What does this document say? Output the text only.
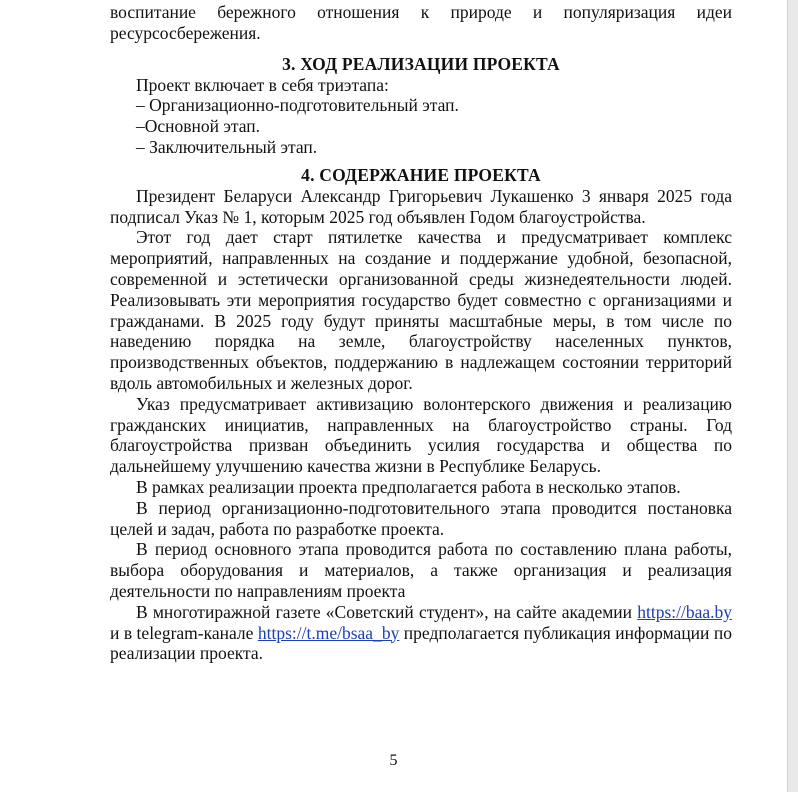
воспитание бережного отношения к природе и популяризация идеи ресурсосбережения.

3. ХОД РЕАЛИЗАЦИИ ПРОЕКТА

Проект включает в себя триэтапа:

– Организационно-подготовительный этап.

–Основной этап.

– Заключительный этап.

4. СОДЕРЖАНИЕ ПРОЕКТА

Президент Беларуси Александр Григорьевич Лукашенко 3 января 2025 года подписал Указ № 1, которым 2025 год объявлен Годом благоустройства.

Этот год дает старт пятилетке качества и предусматривает комплекс мероприятий, направленных на создание и поддержание удобной, безопасной, современной и эстетически организованной среды жизнедеятельности людей. Реализовывать эти мероприятия государство будет совместно с организациями и гражданами. В 2025 году будут приняты масштабные меры, в том числе по наведению порядка на земле, благоустройству населенных пунктов, производственных объектов, поддержанию в надлежащем состоянии территорий вдоль автомобильных и железных дорог.

Указ предусматривает активизацию волонтерского движения и реализацию гражданских инициатив, направленных на благоустройство страны. Год благоустройства призван объединить усилия государства и общества по дальнейшему улучшению качества жизни в Республике Беларусь.

В рамках реализации проекта предполагается работа в несколько этапов.

В период организационно-подготовительного этапа проводится постановка целей и задач, работа по разработке проекта.

В период основного этапа проводится работа по составлению плана работы, выбора оборудования и материалов, а также организация и реализация деятельности по направлениям проекта

В многотиражной газете «Советский студент», на сайте академии https://baa.by и в telegram-канале https://t.me/bsaa_by предполагается публикация информации по реализации проекта.

5
